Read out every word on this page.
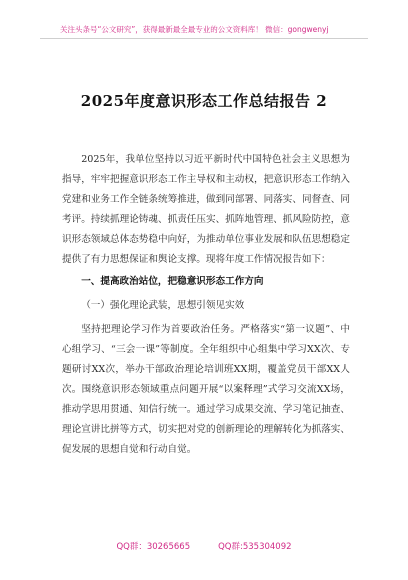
关注头条号“公文研究”，获得最新最全最专业的公文资料库！ 微信：gongwenyj
2025年度意识形态工作总结报告 2

2025年，我单位坚持以习近平新时代中国特色社会主义思想为指导，牢牢把握意识形态工作主导权和主动权，把意识形态工作纳入党建和业务工作全链条统筹推进，做到同部署、同落实、同督查、同考评。持续抓理论铸魂、抓责任压实、抓阵地管理、抓风险防控，意识形态领域总体态势稳中向好，为推动单位事业发展和队伍思想稳定提供了有力思想保证和舆论支撑。现将年度工作情况报告如下：

一、提高政治站位，把稳意识形态工作方向

（一）强化理论武装，思想引领见实效

坚持把理论学习作为首要政治任务。严格落实“第一议题”、中心组学习、“三会一课”等制度。全年组织中心组集中学习XX次、专题研讨XX次，举办干部政治理论培训班XX期，覆盖党员干部XX人次。围绕意识形态领域重点问题开展“以案释理”式学习交流XX场，推动学思用贯通、知信行统一。通过学习成果交流、学习笔记抽查、理论宣讲比拼等方式，切实把对党的创新理论的理解转化为抓落实、促发展的思想自觉和行动自觉。

QQ群：30265665	QQ群:535304092
